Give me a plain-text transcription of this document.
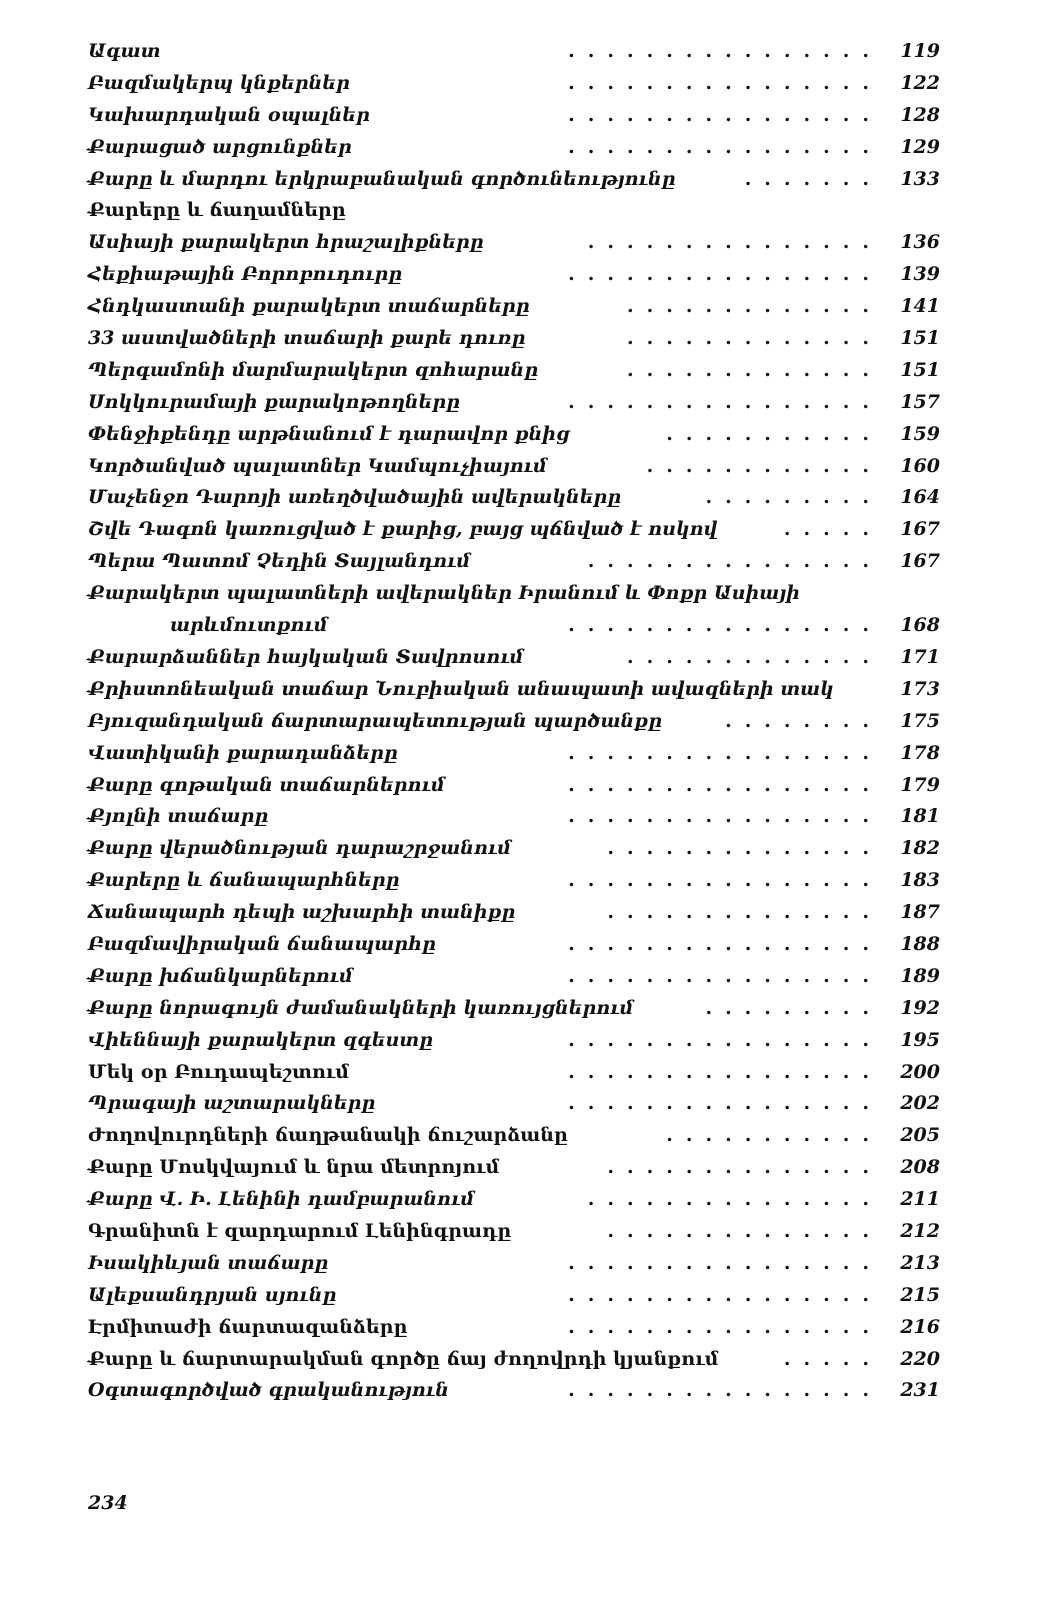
Ագատ	................ 119
Բազմակերպ կնքերներ	................ 122
Կախարդական օպալներ	................ 128
Քարացած արցունքներ	................ 129
Քարը և մարդու երկրաբանական գործունեությունը	....... 133
Քարերը և ճաղամները
Ասիայի քարակերտ հրաշալիքները	............... 136
Հեքիաթային Բորոբուդուրը	................ 139
Հնդկաստանի քարակերտ տաճարները	............. 141
33 աստվածների տաճարի քարե դուռը	............. 151
Պերգամոնի մարմարակերտ զոհարանը	............. 151
Սոկկուրամայի քարակոթողները	................ 157
Փենջիքենդը արթնանում է դարավոր քնից	........... 159
Կործանված պալատներ Կամպուչիայում	............ 160
Մաչենջո Դարոյի առեղծվածային ավերակները	......... 164
Շվե Դագոն կառուցված է քարից, բայց պճնված է ոսկով	..... 167
Պերա Պատոմ Չեդին Տայլանդում	............... 167
Քարակերտ պալատների ավերակներ Իրանում և Փոքր Ասիայի
արևմուտքում	................ 168
Քարարձաններ հայկական Տավրոսում	............. 171
Քրիստոնեական տաճար Նուբիական անապատի ավազների տակ	173
Բյուզանդական ճարտարապետության պարծանքը	........ 175
Վատիկանի քարադանձերը	................ 178
Քարը գոթական տաճարներում	................ 179
Քյոլնի տաճարը	................ 181
Քարը վերածնության դարաշրջանում	.............. 182
Քարերը և ճանապարհները	................ 183
Ճանապարհ դեպի աշխարհի տանիքը	.............. 187
Բազմավիրական ճանապարհը	................ 188
Քարը խճանկարներում	................ 189
Քարը նորագույն ժամանակների կառույցներում	......... 192
Վիեննայի քարակերտ զգեստը	................ 195
Մեկ օր Բուդապեշտում	................ 200
Պրագայի աշտարակները	................ 202
Ժողովուրդների ճաղթանակի ճուշարձանը	........... 205
Քարը Մոսկվայում և նրա մետրոյում	.............. 208
Քարը Վ. Ի. Լենինի դամբարանում	............... 211
Գրանիտն է զարդարում Լենինգրադը	.............. 212
Իսակիևյան տաճարը	................ 213
Ալեքսանդրյան սյունը	................ 215
Էրմիտաժի ճարտազանձերը	................ 216
Քարը և ճարտարակման գործը ճայ ժողովրդի կյանքում	..... 220
Օգտագործված գրականություն	................ 231
234
